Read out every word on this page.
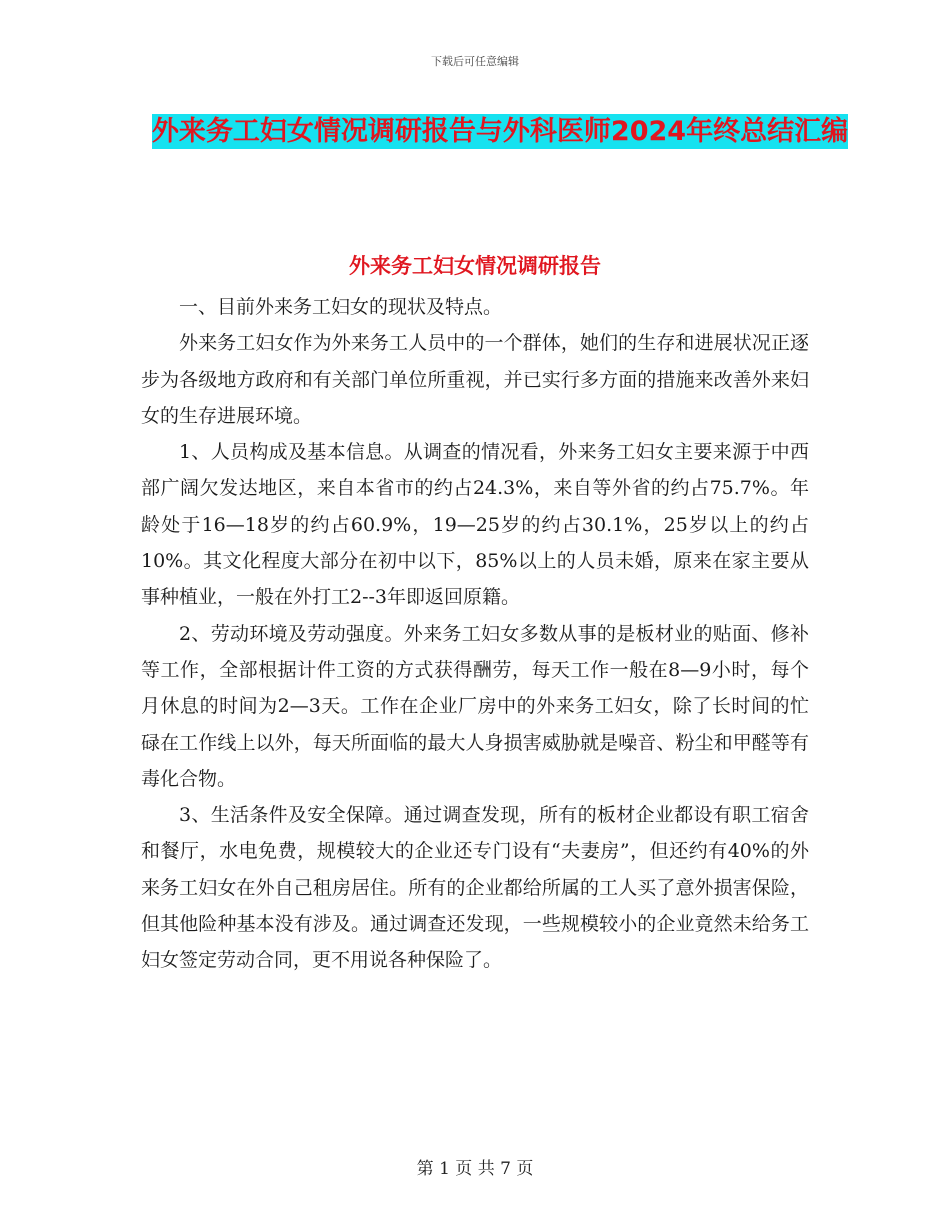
下载后可任意编辑
外来务工妇女情况调研报告与外科医师2024年终总结汇编
外来务工妇女情况调研报告

一、目前外来务工妇女的现状及特点。

外来务工妇女作为外来务工人员中的一个群体，她们的生存和进展状况正逐步为各级地方政府和有关部门单位所重视，并已实行多方面的措施来改善外来妇女的生存进展环境。

1、人员构成及基本信息。从调查的情况看，外来务工妇女主要来源于中西部广阔欠发达地区，来自本省市的约占24.3%，来自等外省的约占75.7%。年龄处于16—18岁的约占60.9%，19—25岁的约占30.1%，25岁以上的约占10%。其文化程度大部分在初中以下，85%以上的人员未婚，原来在家主要从事种植业，一般在外打工2--3年即返回原籍。

2、劳动环境及劳动强度。外来务工妇女多数从事的是板材业的贴面、修补等工作，全部根据计件工资的方式获得酬劳，每天工作一般在8—9小时，每个月休息的时间为2—3天。工作在企业厂房中的外来务工妇女，除了长时间的忙碌在工作线上以外，每天所面临的最大人身损害威胁就是噪音、粉尘和甲醛等有毒化合物。

3、生活条件及安全保障。通过调查发现，所有的板材企业都设有职工宿舍和餐厅，水电免费，规模较大的企业还专门设有“夫妻房”，但还约有40%的外来务工妇女在外自己租房居住。所有的企业都给所属的工人买了意外损害保险，但其他险种基本没有涉及。通过调查还发现，一些规模较小的企业竟然未给务工妇女签定劳动合同，更不用说各种保险了。

第 1 页 共 7 页
